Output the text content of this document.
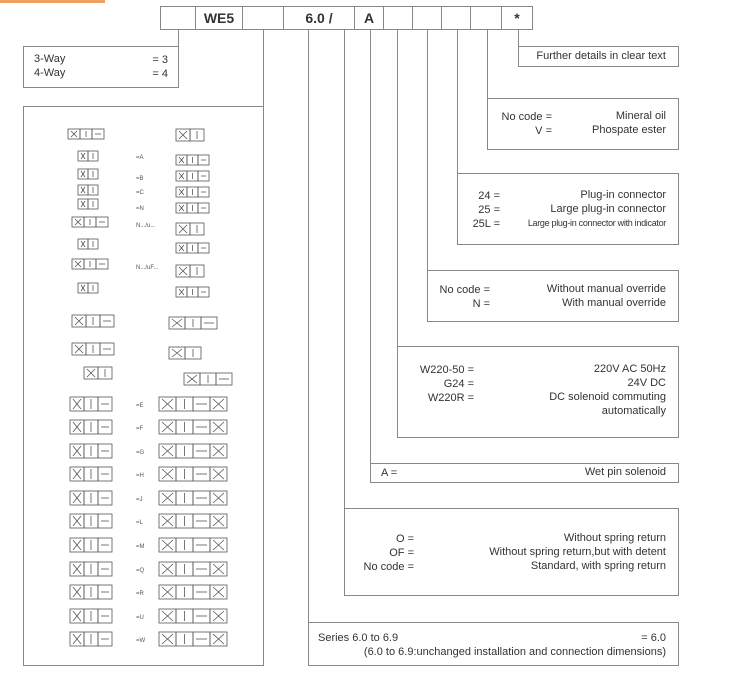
WE5	6.0 /	A	*
3-Way	= 3
4-Way	= 4
Further details in clear text
No code =	Mineral oil
V =	Phospate ester
24 =	Plug-in connector
25 =	Large plug-in connector
25L =	Large plug-in connector with indicator
No code =	Without manual override
N =	With manual override
W220-50 =	220V AC 50Hz
G24 =	24V DC
W220R =	DC solenoid commuting
automatically
A =	Wet pin solenoid
O =	Without spring return
OF =	Without spring return,but with detent
No code =	Standard, with spring return
Series 6.0 to 6.9	= 6.0
(6.0 to 6.9:unchanged installation and connection dimensions)
=A
=B
=C
=N
N.../u...
N.../uF...
=E
=F
=G
=H
=J
=L
=M
=Q
=R
=U
=W
